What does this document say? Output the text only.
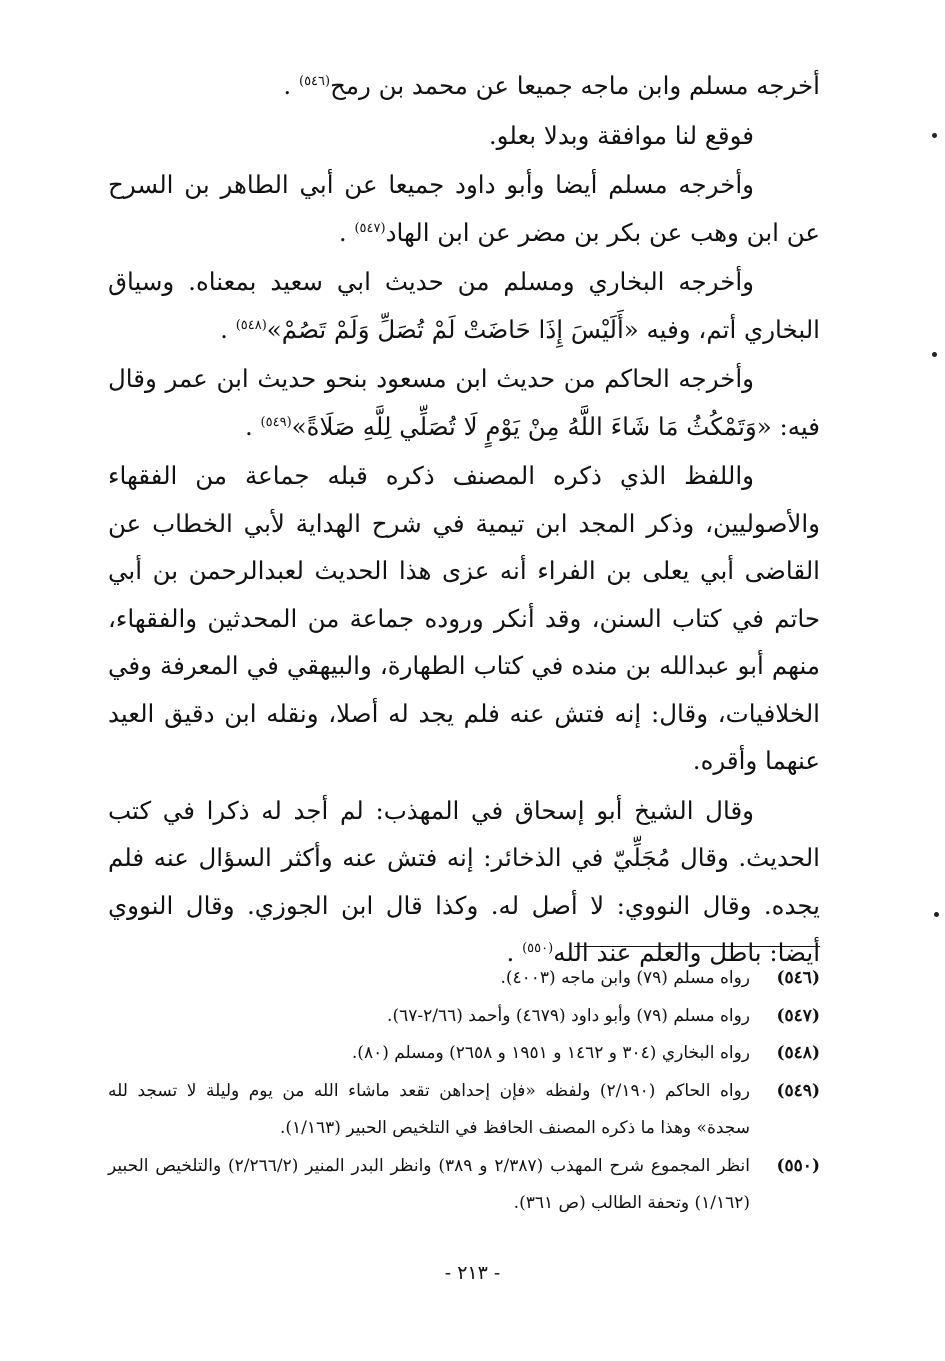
أخرجه مسلم وابن ماجه جميعا عن محمد بن رمح$^{(٥٤٦)}$ .

فوقع لنا موافقة وبدلا بعلو.

وأخرجه مسلم أيضا وأبو داود جميعا عن أبي الطاهر بن السرح عن ابن وهب عن بكر بن مضر عن ابن الهاد$^{(٥٤٧)}$ .

وأخرجه البخاري ومسلم من حديث ابي سعيد بمعناه. وسياق البخاري أتم، وفيه «أَلَيْسَ إِذَا حَاضَتْ لَمْ تُصَلِّ وَلَمْ تَصُمْ»$^{(٥٤٨)}$ .

وأخرجه الحاكم من حديث ابن مسعود بنحو حديث ابن عمر وقال فيه: «وَتَمْكُثُ مَا شَاءَ اللَّهُ مِنْ يَوْمٍ لَا تُصَلِّي لِلَّهِ صَلَاةً»$^{(٥٤٩)}$ .

واللفظ الذي ذكره المصنف ذكره قبله جماعة من الفقهاء والأصوليين، وذكر المجد ابن تيمية في شرح الهداية لأبي الخطاب عن القاضى أبي يعلى بن الفراء أنه عزى هذا الحديث لعبدالرحمن بن أبي حاتم في كتاب السنن، وقد أنكر وروده جماعة من المحدثين والفقهاء، منهم أبو عبدالله بن منده في كتاب الطهارة، والبيهقي في المعرفة وفي الخلافيات، وقال: إنه فتش عنه فلم يجد له أصلا، ونقله ابن دقيق العيد عنهما وأقره.

وقال الشيخ أبو إسحاق في المهذب: لم أجد له ذكرا في كتب الحديث. وقال مُجَلِّيّ في الذخائر: إنه فتش عنه وأكثر السؤال عنه فلم يجده. وقال النووي: لا أصل له. وكذا قال ابن الجوزي. وقال النووي أيضا: باطل والعلم عند الله$^{(٥٥٠)}$ .

(٥٤٦)
رواه مسلم (٧٩) وابن ماجه (٤٠٠٣).
(٥٤٧)
رواه مسلم (٧٩) وأبو داود (٤٦٧٩) وأحمد (٢/٦٦-٦٧).
(٥٤٨)
رواه البخاري (٣٠٤ و ١٤٦٢ و ١٩٥١ و ٢٦٥٨) ومسلم (٨٠).
(٥٤٩)
رواه الحاكم (٢/١٩٠) ولفظه «فإن إحداهن تقعد ماشاء الله من يوم وليلة لا تسجد لله سجدة» وهذا ما ذكره المصنف الحافظ في التلخيص الحبير (١/١٦٣).
(٥٥٠)
انظر المجموع شرح المهذب (٢/٣٨٧ و ٣٨٩) وانظر البدر المنير (٢/٢٦٦/٢) والتلخيص الحبير (١/١٦٢) وتحفة الطالب (ص ٣٦١).
- ٢١٣ -
